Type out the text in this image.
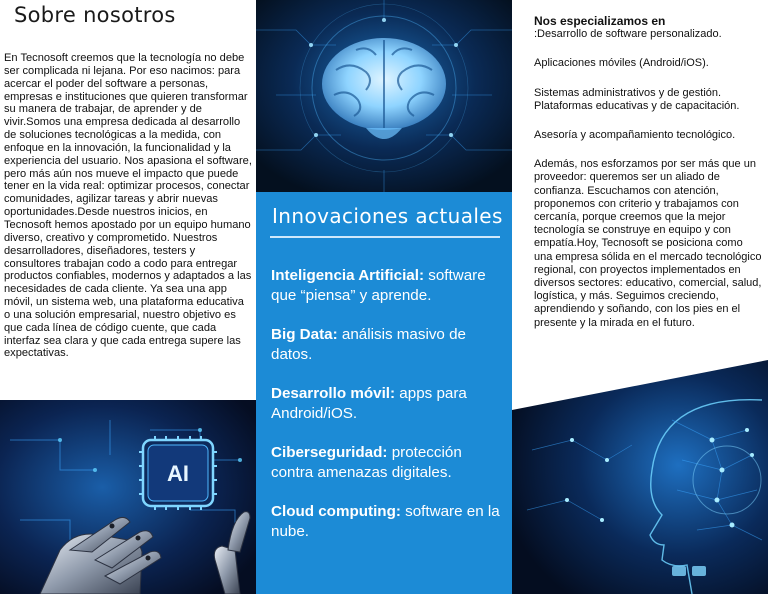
Sobre nosotros

En Tecnosoft creemos que la tecnología no debe ser complicada ni lejana. Por eso nacimos: para acercar el poder del software a personas, empresas e instituciones que quieren transformar su manera de trabajar, de aprender y de vivir.Somos una empresa dedicada al desarrollo de soluciones tecnológicas a la medida, con enfoque en la innovación, la funcionalidad y la experiencia del usuario. Nos apasiona el software, pero más aún nos mueve el impacto que puede tener en la vida real: optimizar procesos, conectar comunidades, agilizar tareas y abrir nuevas oportunidades.Desde nuestros inicios, en Tecnosoft hemos apostado por un equipo humano diverso, creativo y comprometido. Nuestros desarrolladores, diseñadores, testers y consultores trabajan codo a codo para entregar productos confiables, modernos y adaptados a las necesidades de cada cliente. Ya sea una app móvil, un sistema web, una plataforma educativa o una solución empresarial, nuestro objetivo es que cada línea de código cuente, que cada interfaz sea clara y que cada entrega supere las expectativas.

AI
Innovaciones actuales

Inteligencia Artificial: software que “piensa” y aprende.

Big Data: análisis masivo de datos.

Desarrollo móvil: apps para Android/iOS.

Ciberseguridad: protección contra amenazas digitales.

Cloud computing: software en la nube.

Nos especializamos en

:Desarrollo de software personalizado.

Aplicaciones móviles (Android/iOS).

Sistemas administrativos y de gestión. Plataformas educativas y de capacitación.

Asesoría y acompañamiento tecnológico.

Además, nos esforzamos por ser más que un proveedor: queremos ser un aliado de confianza. Escuchamos con atención, proponemos con criterio y trabajamos con cercanía, porque creemos que la mejor tecnología se construye en equipo y con empatía.Hoy, Tecnosoft se posiciona como una empresa sólida en el mercado tecnológico regional, con proyectos implementados en diversos sectores: educativo, comercial, salud, logística, y más. Seguimos creciendo, aprendiendo y soñando, con los pies en el presente y la mirada en el futuro.
